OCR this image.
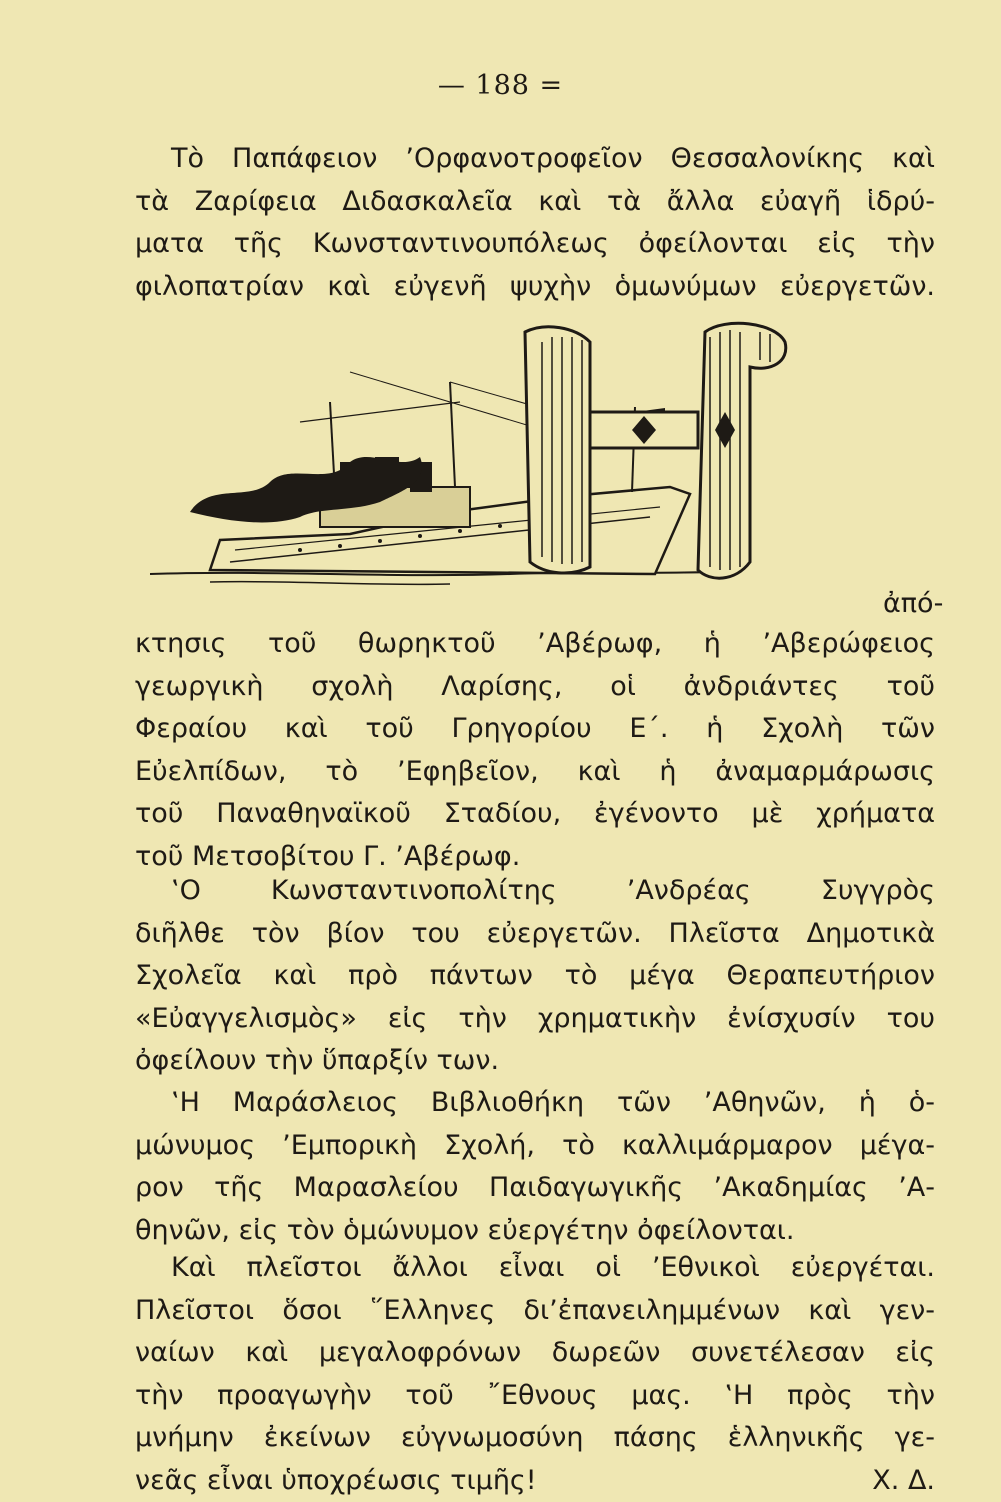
— 188 =
Τὸ Παπάφειον ’Ορφανοτροφεῖον Θεσσαλονίκης καὶ
τὰ Ζαρίφεια Διδασκαλεῖα καὶ τὰ ἄλλα εὐαγῆ ἱδρύ-
ματα τῆς Κωνσταντινουπόλεως ὀφείλονται εἰς τὴν
φιλοπατρίαν καὶ εὐγενῆ ψυχὴν ὁμωνύμων εὐεργετῶν.
ἀπό-
κτησις τοῦ θωρηκτοῦ ’Αβέρωφ, ἡ ’Αβερώφειος
γεωργικὴ σχολὴ Λαρίσης, οἱ ἀνδριάντες τοῦ
Φεραίου καὶ τοῦ Γρηγορίου Ε΄. ἡ Σχολὴ τῶν
Εὐελπίδων, τὸ ’Εφηβεῖον, καὶ ἡ ἀναμαρμάρωσις
τοῦ Παναθηναϊκοῦ Σταδίου, ἐγένοντο μὲ χρήματα
τοῦ Μετσοβίτου Γ. ’Αβέρωφ.
‛Ο Κωνσταντινοπολίτης ’Ανδρέας Συγγρὸς
διῆλθε τὸν βίον του εὐεργετῶν. Πλεῖστα Δημοτικὰ
Σχολεῖα καὶ πρὸ πάντων τὸ μέγα Θεραπευτήριον
«Εὐαγγελισμὸς» εἰς τὴν χρηματικὴν ἐνίσχυσίν του
ὀφείλουν τὴν ὕπαρξίν των.
‛Η Μαράσλειος Βιβλιοθήκη τῶν ’Αθηνῶν, ἡ ὁ-
μώνυμος ’Εμπορικὴ Σχολή, τὸ καλλιμάρμαρον μέγα-
ρον τῆς Μαρασλείου Παιδαγωγικῆς ’Ακαδημίας ’Α-
θηνῶν, εἰς τὸν ὁμώνυμον εὐεργέτην ὀφείλονται.
Καὶ πλεῖστοι ἄλλοι εἶναι οἱ ’Εθνικοὶ εὐεργέται.
Πλεῖστοι ὅσοι ῞Ελληνες δι’ἐπανειλημμένων καὶ γεν-
ναίων καὶ μεγαλοφρόνων δωρεῶν συνετέλεσαν εἰς
τὴν προαγωγὴν τοῦ ῎Εθνους μας. ‛Η πρὸς τὴν
μνήμην ἐκείνων εὐγνωμοσύνη πάσης ἑλληνικῆς γε-
νεᾶς εἶναι ὑποχρέωσις τιμῆς!	Χ. Δ.
